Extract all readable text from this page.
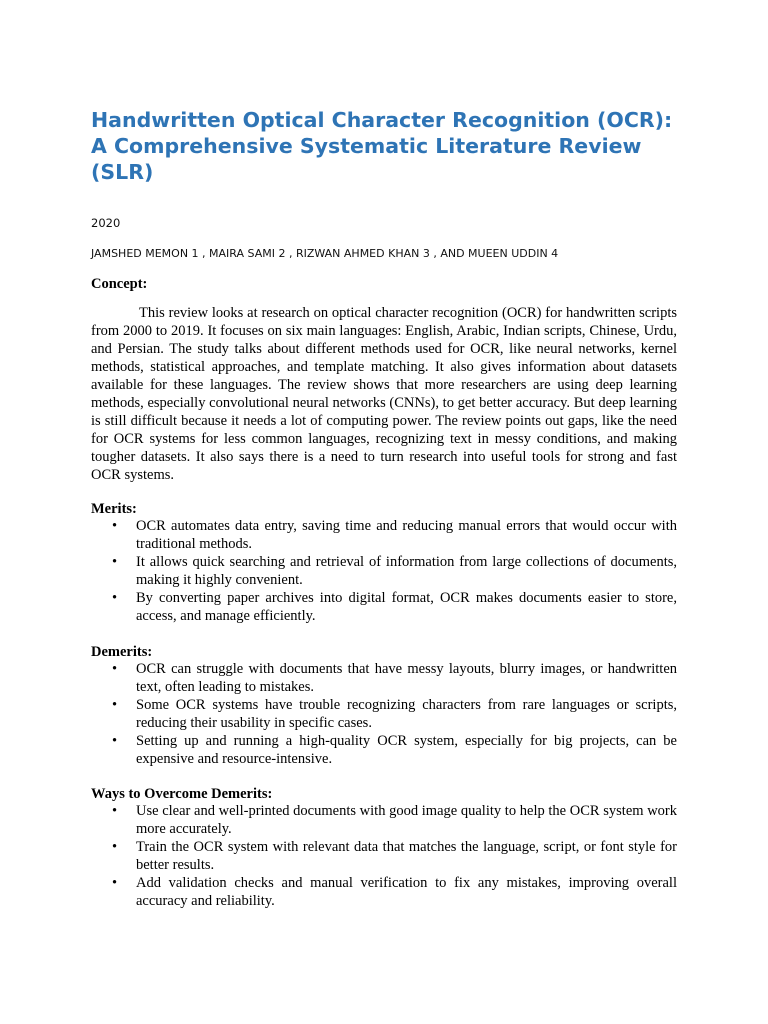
Handwritten Optical Character Recognition (OCR):
A Comprehensive Systematic Literature Review
(SLR)

2020

JAMSHED MEMON 1 , MAIRA SAMI 2 , RIZWAN AHMED KHAN 3 , AND MUEEN UDDIN 4

Concept:

This review looks at research on optical character recognition (OCR) for handwritten scripts from 2000 to 2019. It focuses on six main languages: English, Arabic, Indian scripts, Chinese, Urdu, and Persian. The study talks about different methods used for OCR, like neural networks, kernel methods, statistical approaches, and template matching. It also gives information about datasets available for these languages. The review shows that more researchers are using deep learning methods, especially convolutional neural networks (CNNs), to get better accuracy. But deep learning is still difficult because it needs a lot of computing power. The review points out gaps, like the need for OCR systems for less common languages, recognizing text in messy conditions, and making tougher datasets. It also says there is a need to turn research into useful tools for strong and fast OCR systems.

Merits:

• OCR automates data entry, saving time and reducing manual errors that would occur with traditional methods.
• It allows quick searching and retrieval of information from large collections of documents, making it highly convenient.
• By converting paper archives into digital format, OCR makes documents easier to store, access, and manage efficiently.

Demerits:

• OCR can struggle with documents that have messy layouts, blurry images, or handwritten text, often leading to mistakes.
• Some OCR systems have trouble recognizing characters from rare languages or scripts, reducing their usability in specific cases.
• Setting up and running a high-quality OCR system, especially for big projects, can be expensive and resource-intensive.

Ways to Overcome Demerits:

• Use clear and well-printed documents with good image quality to help the OCR system work more accurately.
• Train the OCR system with relevant data that matches the language, script, or font style for better results.
• Add validation checks and manual verification to fix any mistakes, improving overall accuracy and reliability.
